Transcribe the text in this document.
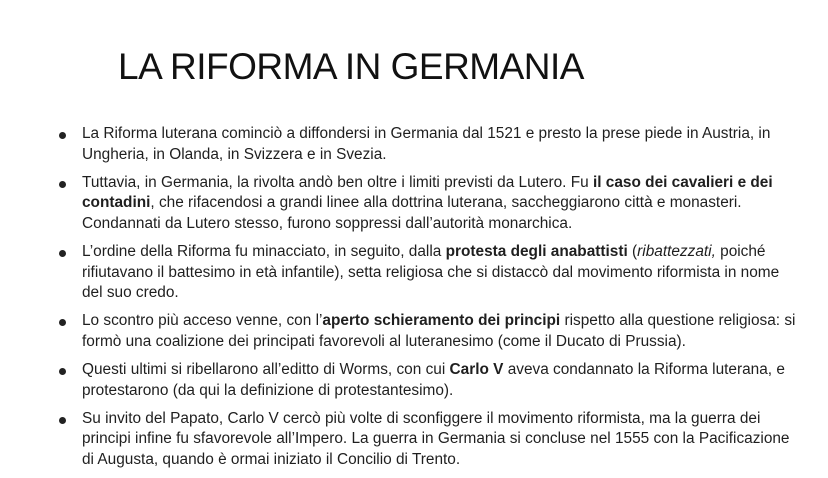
LA RIFORMA IN GERMANIA
La Riforma luterana cominciò a diffondersi in Germania dal 1521 e presto la prese piede in Austria, in Ungheria, in Olanda, in Svizzera e in Svezia.
Tuttavia, in Germania, la rivolta andò ben oltre i limiti previsti da Lutero. Fu il caso dei cavalieri e dei contadini, che rifacendosi a grandi linee alla dottrina luterana, saccheggiarono città e monasteri. Condannati da Lutero stesso, furono soppressi dall’autorità monarchica.
L’ordine della Riforma fu minacciato, in seguito, dalla protesta degli anabattisti (ribattezzati, poiché rifiutavano il battesimo in età infantile), setta religiosa che si distaccò dal movimento riformista in nome del suo credo.
Lo scontro più acceso venne, con l’aperto schieramento dei principi rispetto alla questione religiosa: si formò una coalizione dei principati favorevoli al luteranesimo (come il Ducato di Prussia).
Questi ultimi si ribellarono all’editto di Worms, con cui Carlo V aveva condannato la Riforma luterana, e protestarono (da qui la definizione di protestantesimo).
Su invito del Papato, Carlo V cercò più volte di sconfiggere il movimento riformista, ma la guerra dei principi infine fu sfavorevole all’Impero. La guerra in Germania si concluse nel 1555 con la Pacificazione di Augusta, quando è ormai iniziato il Concilio di Trento.
